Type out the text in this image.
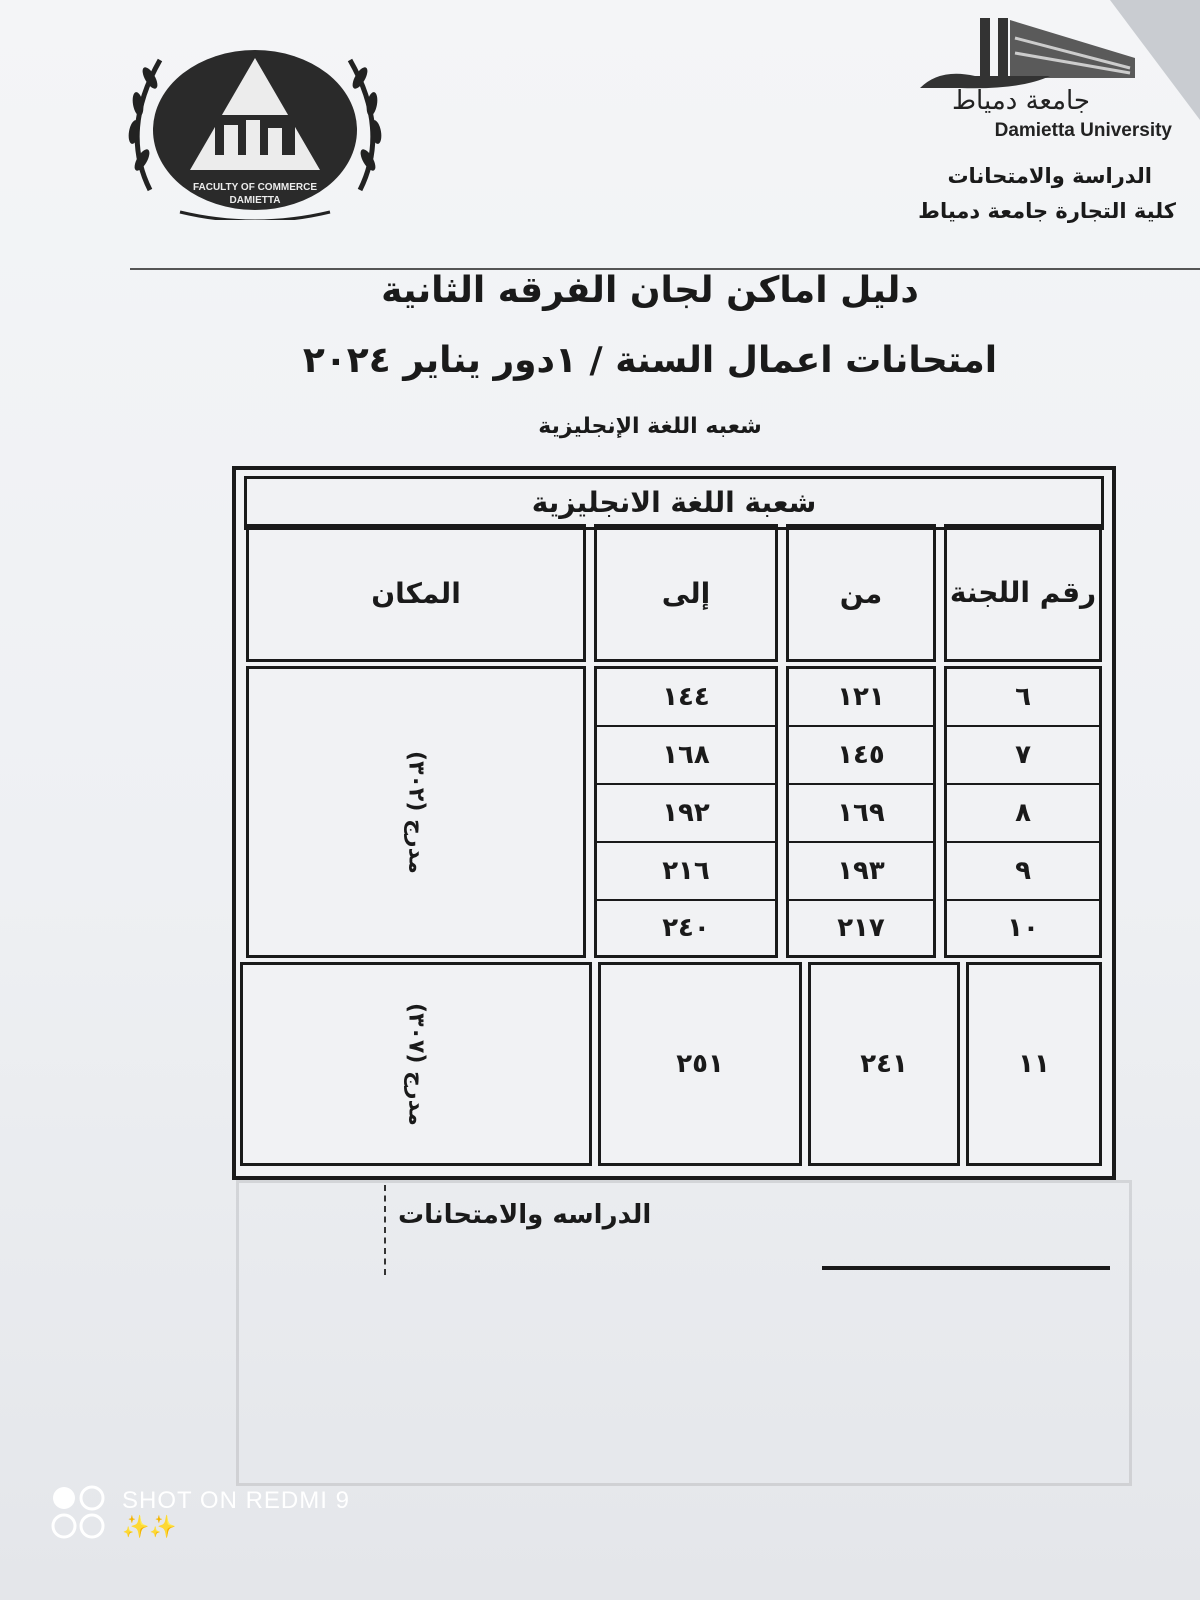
FACULTY OF COMMERCE
DAMIETTA
جامعة دمياط
Damietta University
الدراسة والامتحانات
كلية التجارة جامعة دمياط
دليل اماكن لجان الفرقه الثانية
امتحانات اعمال السنة / ١دور يناير ٢٠٢٤
شعبه اللغة الإنجليزية
شعبة اللغة الانجليزية
رقم اللجنة
من
إلى
المكان
مدرج (٣٠٢)
٦
١٢١
١٤٤
٧
١٤٥
١٦٨
٨
١٦٩
١٩٢
٩
١٩٣
٢١٦
١٠
٢١٧
٢٤٠
١١
٢٤١
٢٥١
مدرج (٣٠٧)
الدراسه والامتحانات
SHOT ON REDMI 9
✨✨
